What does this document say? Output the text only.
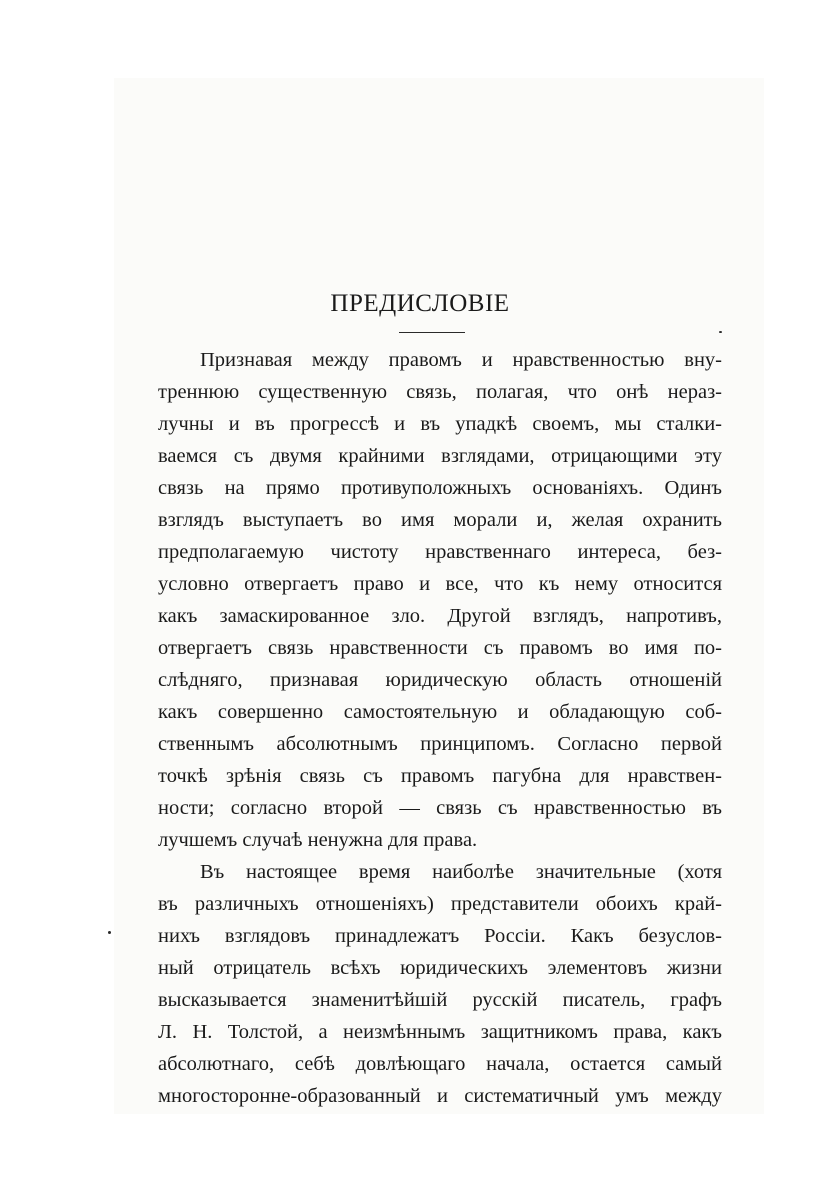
ПРЕДИСЛОВІЕ
Признавая между правомъ и нравственностью вну-
треннюю существенную связь, полагая, что онѣ нераз-
лучны и въ прогрессѣ и въ упадкѣ своемъ, мы сталки-
ваемся съ двумя крайними взглядами, отрицающими эту
связь на прямо противуположныхъ основаніяхъ. Одинъ
взглядъ выступаетъ во имя морали и, желая охранить
предполагаемую чистоту нравственнаго интереса, без-
условно отвергаетъ право и все, что къ нему относится
какъ замаскированное зло. Другой взглядъ, напротивъ,
отвергаетъ связь нравственности съ правомъ во имя по-
слѣдняго, признавая юридическую область отношеній
какъ совершенно самостоятельную и обладающую соб-
ственнымъ абсолютнымъ принципомъ. Согласно первой
точкѣ зрѣнія связь съ правомъ пагубна для нравствен-
ности; согласно второй — связь съ нравственностью въ
лучшемъ случаѣ ненужна для права.
Въ настоящее время наиболѣе значительные (хотя
въ различныхъ отношеніяхъ) представители обоихъ край-
нихъ взглядовъ принадлежатъ Россіи. Какъ безуслов-
ный отрицатель всѣхъ юридическихъ элементовъ жизни
высказывается знаменитѣйшій русскій писатель, графъ
Л. Н. Толстой, а неизмѣннымъ защитникомъ права, какъ
абсолютнаго, себѣ довлѣющаго начала, остается самый
многосторонне-образованный и систематичный умъ между
